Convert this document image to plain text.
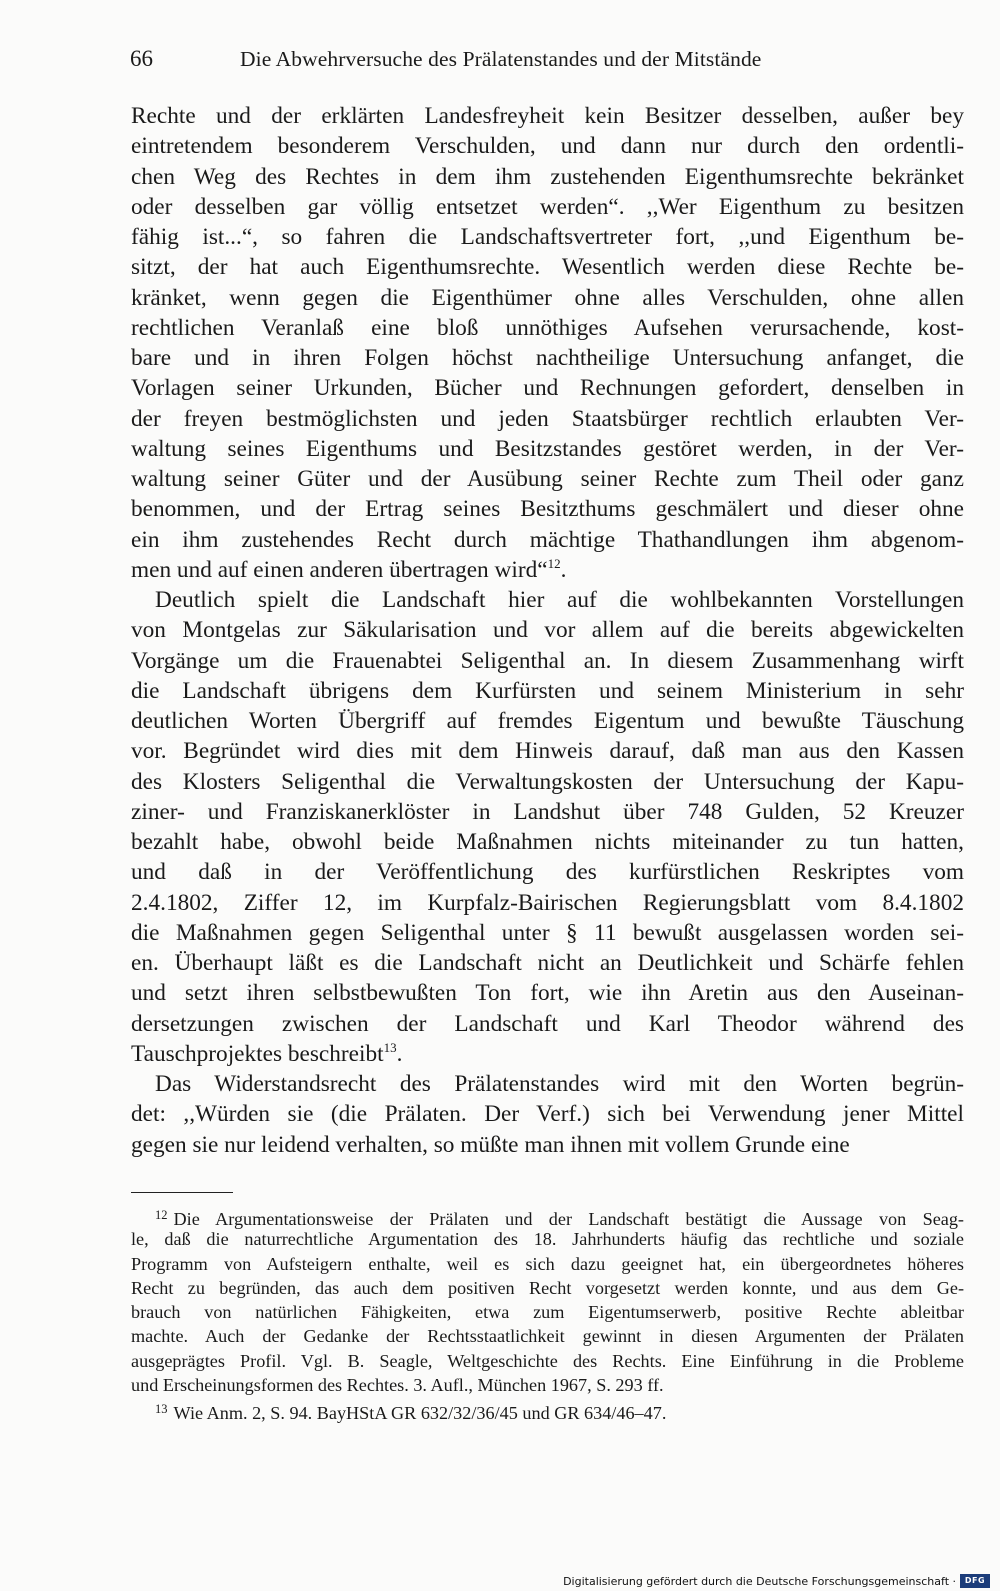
66	Die Abwehrversuche des Prälatenstandes und der Mitstände
Rechte und der erklärten Landesfreyheit kein Besitzer desselben, außer bey
eintretendem besonderem Verschulden, und dann nur durch den ordentli-
chen Weg des Rechtes in dem ihm zustehenden Eigenthumsrechte bekränket
oder desselben gar völlig entsetzet werden“. ,,Wer Eigenthum zu besitzen
fähig ist...“, so fahren die Landschaftsvertreter fort, ,,und Eigenthum be-
sitzt, der hat auch Eigenthumsrechte. Wesentlich werden diese Rechte be-
kränket, wenn gegen die Eigenthümer ohne alles Verschulden, ohne allen
rechtlichen Veranlaß eine bloß unnöthiges Aufsehen verursachende, kost-
bare und in ihren Folgen höchst nachtheilige Untersuchung anfanget, die
Vorlagen seiner Urkunden, Bücher und Rechnungen gefordert, denselben in
der freyen bestmöglichsten und jeden Staatsbürger rechtlich erlaubten Ver-
waltung seines Eigenthums und Besitzstandes gestöret werden, in der Ver-
waltung seiner Güter und der Ausübung seiner Rechte zum Theil oder ganz
benommen, und der Ertrag seines Besitzthums geschmälert und dieser ohne
ein ihm zustehendes Recht durch mächtige Thathandlungen ihm abgenom-
men und auf einen anderen übertragen wird“$^{12}$.
Deutlich spielt die Landschaft hier auf die wohlbekannten Vorstellungen
von Montgelas zur Säkularisation und vor allem auf die bereits abgewickelten
Vorgänge um die Frauenabtei Seligenthal an. In diesem Zusammenhang wirft
die Landschaft übrigens dem Kurfürsten und seinem Ministerium in sehr
deutlichen Worten Übergriff auf fremdes Eigentum und bewußte Täuschung
vor. Begründet wird dies mit dem Hinweis darauf, daß man aus den Kassen
des Klosters Seligenthal die Verwaltungskosten der Untersuchung der Kapu-
ziner- und Franziskanerklöster in Landshut über 748 Gulden, 52 Kreuzer
bezahlt habe, obwohl beide Maßnahmen nichts miteinander zu tun hatten,
und daß in der Veröffentlichung des kurfürstlichen Reskriptes vom
2.4.1802, Ziffer 12, im Kurpfalz-Bairischen Regierungsblatt vom 8.4.1802
die Maßnahmen gegen Seligenthal unter § 11 bewußt ausgelassen worden sei-
en. Überhaupt läßt es die Landschaft nicht an Deutlichkeit und Schärfe fehlen
und setzt ihren selbstbewußten Ton fort, wie ihn Aretin aus den Auseinan-
dersetzungen zwischen der Landschaft und Karl Theodor während des
Tauschprojektes beschreibt$^{13}$.
Das Widerstandsrecht des Prälatenstandes wird mit den Worten begrün-
det: ,,Würden sie (die Prälaten. Der Verf.) sich bei Verwendung jener Mittel
gegen sie nur leidend verhalten, so müßte man ihnen mit vollem Grunde eine
$^{12}$ Die Argumentationsweise der Prälaten und der Landschaft bestätigt die Aussage von Seag-
le, daß die naturrechtliche Argumentation des 18. Jahrhunderts häufig das rechtliche und soziale
Programm von Aufsteigern enthalte, weil es sich dazu geeignet hat, ein übergeordnetes höheres
Recht zu begründen, das auch dem positiven Recht vorgesetzt werden konnte, und aus dem Ge-
brauch von natürlichen Fähigkeiten, etwa zum Eigentumserwerb, positive Rechte ableitbar
machte. Auch der Gedanke der Rechtsstaatlichkeit gewinnt in diesen Argumenten der Prälaten
ausgeprägtes Profil. Vgl. B. Seagle, Weltgeschichte des Rechts. Eine Einführung in die Probleme
und Erscheinungsformen des Rechtes. 3. Aufl., München 1967, S. 293 ff.
$^{13}$ Wie Anm. 2, S. 94. BayHStA GR 632/32/36/45 und GR 634/46–47.
Digitalisierung gefördert durch die Deutsche Forschungsgemeinschaft ·	DFG
